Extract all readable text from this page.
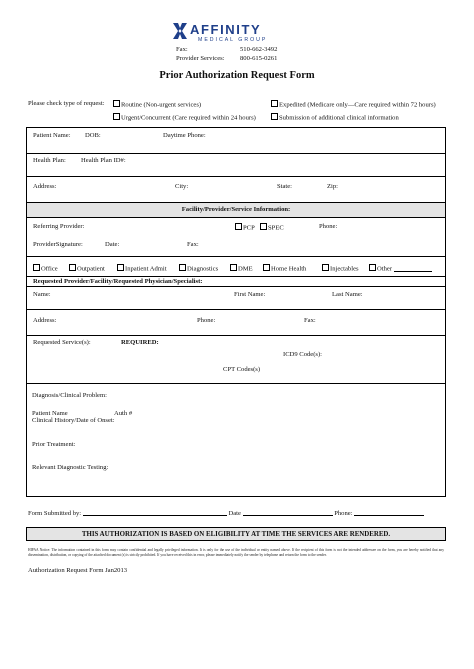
AFFINITY
MEDICAL GROUP
Fax:	510-662-3492
Provider Services: 800-615-0261
Prior Authorization Request Form
Please check type of request:	Routine (Non-urgent services)	Expedited (Medicare only—Care required within 72 hours)
Urgent/Concurrent (Care required within 24 hours)	Submission of additional clinical information
Patient Name: DOB:	Daytime Phone:
Health Plan: Health Plan ID#:
Address:	City:	State:	Zip:
Facility/Provider/Service Information:
Referring Provider:	PCP	SPEC	Phone:
ProviderSignature:	Date:	Fax:
Office	Outpatient	Inpatient Admit	Diagnostics	DME	Home Health	Injectables	Other
Requested Provider/Facility/Requested Physician/Specialist:
Name:	First Name:	Last Name:
Address:	Phone:	Fax:
Requested Service(s):	REQUIRED:
ICD9 Code(s):
CPT Codes(s)
Diagnosis/Clinical Problem:
Patient Name	Auth #
Clinical History/Date of Onset:
Prior Treatment:
Relevant Diagnostic Testing:
Form Submitted by:	Date	Phone:
THIS AUTHORIZATION IS BASED ON ELIGIBILITY AT TIME THE SERVICES ARE RENDERED.
HIPAA Notice: The information contained in this form may contain confidential and legally privileged information. It is only for the use of the individual or entity named above. If the recipient of this form is not the intended addressee on the form, you are hereby notified that any dissemination, distribution, or copying of the attached document (s) is strictly prohibited. If you have received this in error, please immediately notify the sender by telephone and return the form to the sender.
Authorization Request Form Jan2013
